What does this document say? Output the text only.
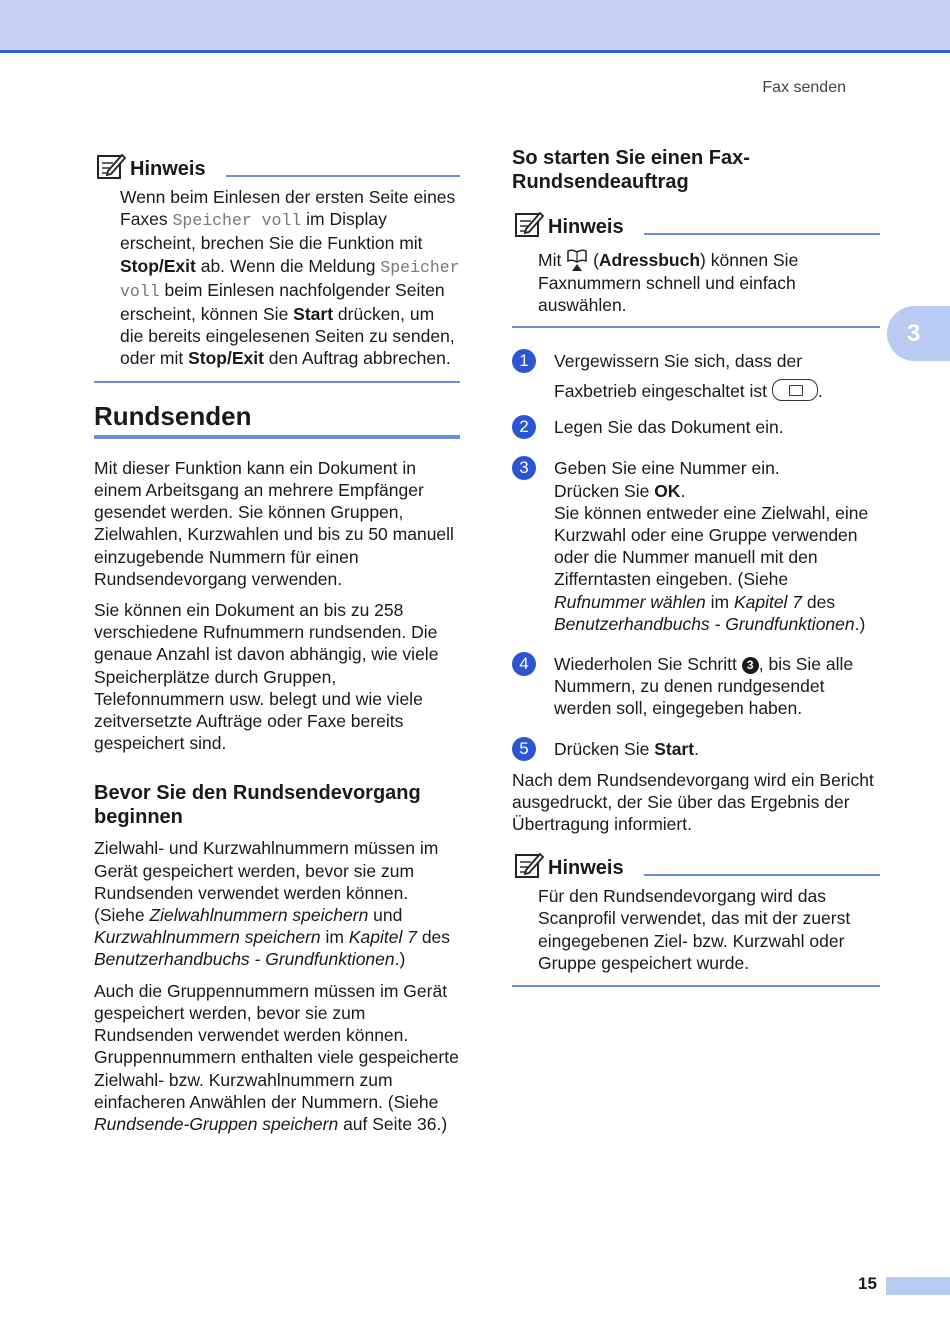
Fax senden
3
Hinweis
Wenn beim Einlesen der ersten Seite eines Faxes Speicher voll im Display erscheint, brechen Sie die Funktion mit Stop/Exit ab. Wenn die Meldung Speicher voll beim Einlesen nachfolgender Seiten erscheint, können Sie Start drücken, um die bereits eingelesenen Seiten zu senden, oder mit Stop/Exit den Auftrag abbrechen.
Rundsenden

Mit dieser Funktion kann ein Dokument in einem Arbeitsgang an mehrere Empfänger gesendet werden. Sie können Gruppen, Zielwahlen, Kurzwahlen und bis zu 50 manuell einzugebende Nummern für einen Rundsendevorgang verwenden.

Sie können ein Dokument an bis zu 258 verschiedene Rufnummern rundsenden. Die genaue Anzahl ist davon abhängig, wie viele Speicherplätze durch Gruppen, Telefonnummern usw. belegt und wie viele zeitversetzte Aufträge oder Faxe bereits gespeichert sind.

Bevor Sie den Rundsendevorgang beginnen

Zielwahl- und Kurzwahlnummern müssen im Gerät gespeichert werden, bevor sie zum Rundsenden verwendet werden können. (Siehe Zielwahlnummern speichern und Kurzwahlnummern speichern im Kapitel 7 des Benutzerhandbuchs - Grundfunktionen.)

Auch die Gruppennummern müssen im Gerät gespeichert werden, bevor sie zum Rundsenden verwendet werden können. Gruppennummern enthalten viele gespeicherte Zielwahl- bzw. Kurzwahlnummern zum einfacheren Anwählen der Nummern. (Siehe Rundsende-Gruppen speichern auf Seite 36.)

So starten Sie einen Fax-Rundsendeauftrag
Hinweis
Mit  (Adressbuch) können Sie Faxnummern schnell und einfach auswählen.
1	Vergewissern Sie sich, dass der Faxbetrieb eingeschaltet ist	.
2	Legen Sie das Dokument ein.
3	Geben Sie eine Nummer ein.
Drücken Sie OK.
Sie können entweder eine Zielwahl, eine Kurzwahl oder eine Gruppe verwenden oder die Nummer manuell mit den Zifferntasten eingeben. (Siehe Rufnummer wählen im Kapitel 7 des Benutzerhandbuchs - Grundfunktionen.)
4	Wiederholen Sie Schritt 3 , bis Sie alle Nummern, zu denen rundgesendet werden soll, eingegeben haben.
5	Drücken Sie Start.

Nach dem Rundsendevorgang wird ein Bericht ausgedruckt, der Sie über das Ergebnis der Übertragung informiert.

Hinweis
Für den Rundsendevorgang wird das Scanprofil verwendet, das mit der zuerst eingegebenen Ziel- bzw. Kurzwahl oder Gruppe gespeichert wurde.
15
